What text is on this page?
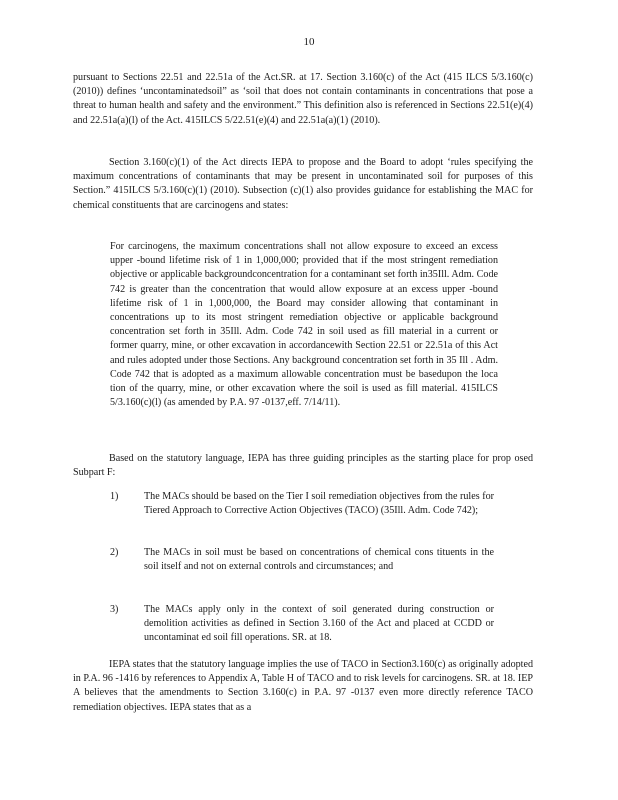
10

pursuant to Sections 22.51 and 22.51a of the Act.SR. at 17. Section 3.160(c) of the Act (415 ILCS 5/3.160(c) (2010)) defines ‘uncontaminatedsoil” as ‘soil that does not contain contaminants in concentrations that pose a threat to human health and safety and the environment.” This definition also is referenced in Sections 22.51(e)(4) and 22.51a(a)(l) of the Act. 415ILCS 5/22.51(e)(4) and 22.51a(a)(1) (2010).

Section 3.160(c)(1) of the Act directs IEPA to propose and the Board to adopt ‘rules specifying the maximum concentrations of contaminants that may be present in uncontaminated soil for purposes of this Section.” 415ILCS 5/3.160(c)(1) (2010). Subsection (c)(1) also provides guidance for establishing the MAC for chemical constituents that are carcinogens and states:

For carcinogens, the maximum concentrations shall not allow exposure to exceed an excess upper -bound lifetime risk of 1 in 1,000,000; provided that if the most stringent remediation objective or applicable backgroundconcentration for a contaminant set forth in35Ill. Adm. Code 742 is greater than the concentration that would allow exposure at an excess upper -bound lifetime risk of 1 in 1,000,000, the Board may consider allowing that contaminant in concentrations up to its most stringent remediation objective or applicable background concentration set forth in 35Ill. Adm. Code 742 in soil used as fill material in a current or former quarry, mine, or other excavation in accordancewith Section 22.51 or 22.51a of this Act and rules adopted under those Sections. Any background concentration set forth in 35 Ill . Adm. Code 742 that is adopted as a maximum allowable concentration must be basedupon the loca tion of the quarry, mine, or other excavation where the soil is used as fill material. 415ILCS 5/3.160(c)(l) (as amended by P.A. 97 -0137,eff. 7/14/11).

Based on the statutory language, IEPA has three guiding principles as the starting place for prop osed Subpart F:

1)	The MACs should be based on the Tier I soil remediation objectives from the rules for Tiered Approach to Corrective Action Objectives (TACO) (35Ill. Adm. Code 742);
2)	The MACs in soil must be based on concentrations of chemical cons tituents in the soil itself and not on external controls and circumstances; and
3)	The MACs apply only in the context of soil generated during construction or demolition activities as defined in Section 3.160 of the Act and placed at CCDD or uncontaminat ed soil fill operations. SR. at 18.

IEPA states that the statutory language implies the use of TACO in Section3.160(c) as originally adopted in P.A. 96 -1416 by references to Appendix A, Table H of TACO and to risk levels for carcinogens. SR. at 18. IEP A believes that the amendments to Section 3.160(c) in P.A. 97 -0137 even more directly reference TACO remediation objectives. IEPA states that as a
